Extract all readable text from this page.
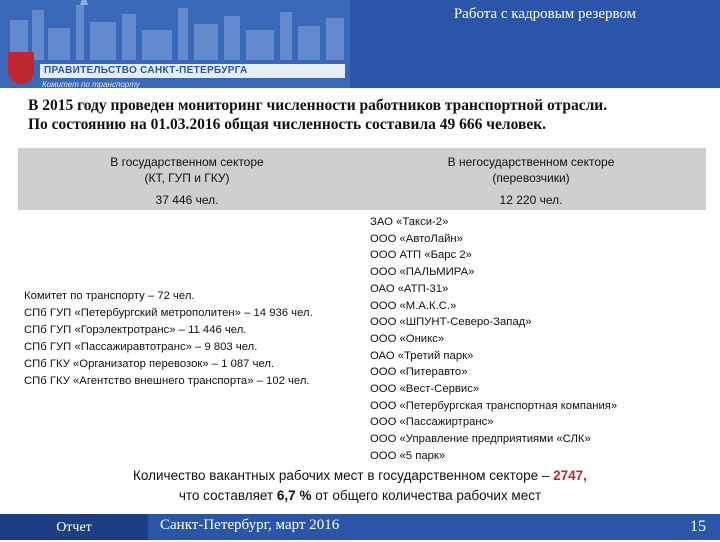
Работа с кадровым резервом
ПРАВИТЕЛЬСТВО САНКТ-ПЕТЕРБУРГА
Комитет по транспорту
В 2015 году проведен мониторинг численности работников транспортной отрасли.
По состоянию на 01.03.2016 общая численность составила 49 666 человек.
В государственном секторе
(КТ, ГУП и ГКУ)
37 446 чел.
В негосударственном секторе
(перевозчики)
12 220 чел.
Комитет по транспорту – 72 чел.
СПб ГУП «Петербургский метрополитен» – 14 936 чел.
СПб ГУП «Горэлектротранс» – 11 446 чел.
СПб ГУП «Пассажиравтотранс» – 9 803 чел.
СПб ГКУ «Организатор перевозок» – 1 087 чел.
СПб ГКУ «Агентство внешнего транспорта» – 102 чел.
ЗАО «Такси-2»
ООО «АвтоЛайн»
ООО АТП «Барс 2»
ООО «ПАЛЬМИРА»
ОАО «АТП-31»
ООО «М.А.К.С.»
ООО «ШПУНТ-Северо-Запад»
ООО «Оникс»
ОАО «Третий парк»
ООО «Питеравто»
ООО «Вест-Сервис»
ООО «Петербургская транспортная компания»
ООО «Пассажиртранс»
ООО «Управление предприятиями «СЛК»
ООО «5 парк»
Количество вакантных рабочих мест в государственном секторе – 2747,
что составляет 6,7 % от общего количества рабочих мест
Отчет	Санкт-Петербург, март 2016	15
